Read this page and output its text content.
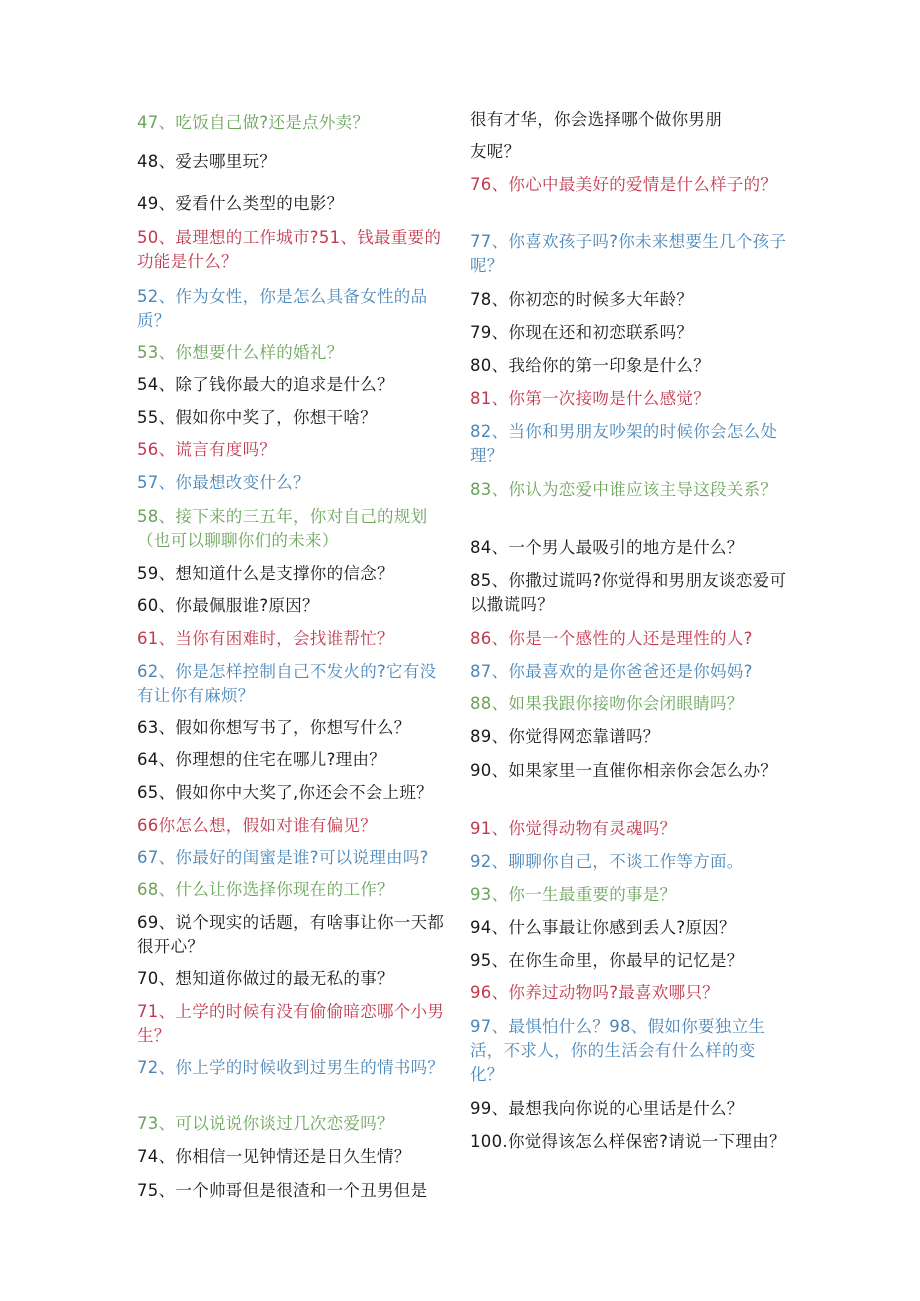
47、吃饭自己做?还是点外卖？
48、爱去哪里玩？
49、爱看什么类型的电影？
50、最理想的工作城市?51、钱最重要的功能是什么？
52、作为女性，你是怎么具备女性的品质？
53、你想要什么样的婚礼？
54、除了钱你最大的追求是什么？
55、假如你中奖了，你想干啥？
56、谎言有度吗？
57、你最想改变什么？
58、接下来的三五年，你对自己的规划（也可以聊聊你们的未来）
59、想知道什么是支撑你的信念？
60、你最佩服谁?原因？
61、当你有困难时，会找谁帮忙？
62、你是怎样控制自己不发火的?它有没有让你有麻烦？
63、假如你想写书了，你想写什么？
64、你理想的住宅在哪儿?理由？
65、假如你中大奖了,你还会不会上班？
66你怎么想，假如对谁有偏见？
67、你最好的闺蜜是谁?可以说理由吗?
68、什么让你选择你现在的工作？
69、说个现实的话题，有啥事让你一天都很开心？
70、想知道你做过的最无私的事？
71、上学的时候有没有偷偷暗恋哪个小男生？
72、你上学的时候收到过男生的情书吗？
73、可以说说你谈过几次恋爱吗？
74、你相信一见钟情还是日久生情？
75、一个帅哥但是很渣和一个丑男但是
很有才华，你会选择哪个做你男朋
友呢？
76、你心中最美好的爱情是什么样子的？
77、你喜欢孩子吗?你未来想要生几个孩子呢？
78、你初恋的时候多大年龄？
79、你现在还和初恋联系吗？
80、我给你的第一印象是什么？
81、你第一次接吻是什么感觉？
82、当你和男朋友吵架的时候你会怎么处理？
83、你认为恋爱中谁应该主导这段关系？
84、一个男人最吸引的地方是什么？
85、你撒过谎吗?你觉得和男朋友谈恋爱可以撒谎吗？
86、你是一个感性的人还是理性的人?
87、你最喜欢的是你爸爸还是你妈妈?
88、如果我跟你接吻你会闭眼睛吗？
89、你觉得网恋靠谱吗？
90、如果家里一直催你相亲你会怎么办？
91、你觉得动物有灵魂吗？
92、聊聊你自己，不谈工作等方面。
93、你一生最重要的事是？
94、什么事最让你感到丢人?原因？
95、在你生命里，你最早的记忆是？
96、你养过动物吗?最喜欢哪只？
97、最惧怕什么？98、假如你要独立生活，不求人，你的生活会有什么样的变化？
99、最想我向你说的心里话是什么？
100.你觉得该怎么样保密?请说一下理由？
